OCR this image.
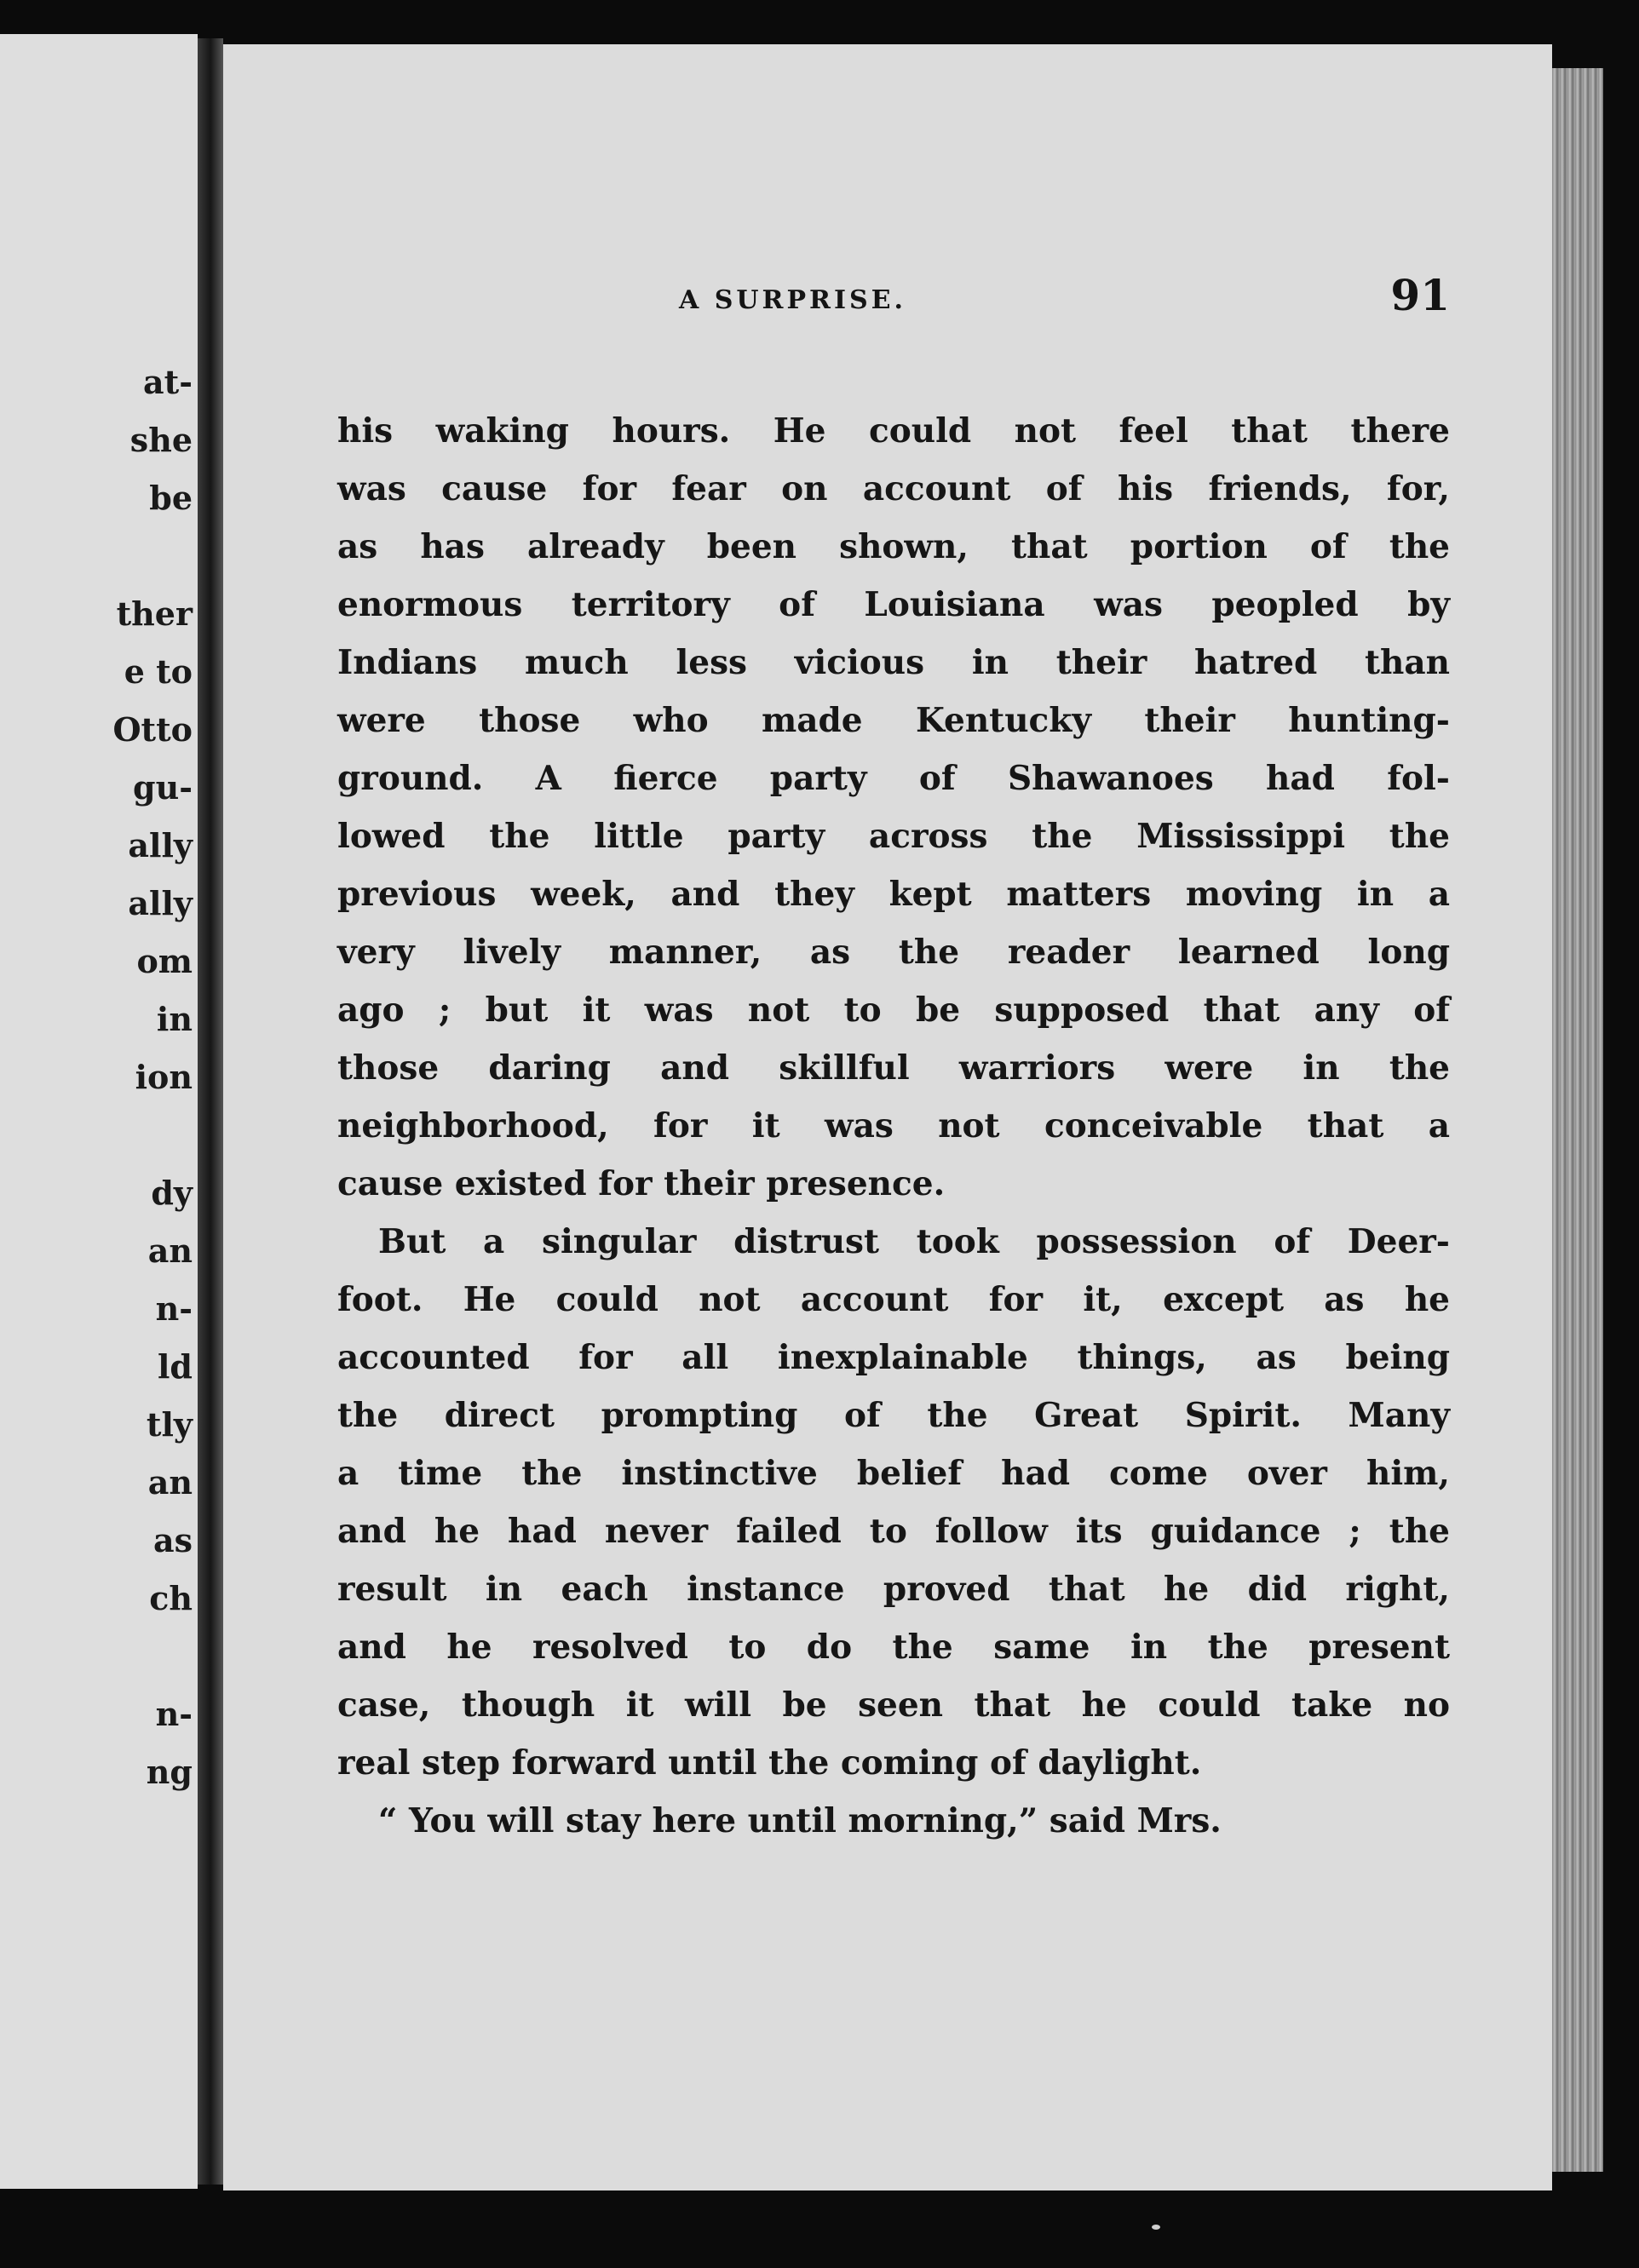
at-
she
be
ther
e to
Otto
gu-
ally
ally
om
in
ion
dy
an
n-
ld
tly
an
as
ch
n-
ng
A SURPRISE.	91
his waking hours. He could not feel that there
was cause for fear on account of his friends, for,
as has already been shown, that portion of the
enormous territory of Louisiana was peopled by
Indians much less vicious in their hatred than
were those who made Kentucky their hunting-
ground. A fierce party of Shawanoes had fol-
lowed the little party across the Mississippi the
previous week, and they kept matters moving in a
very lively manner, as the reader learned long
ago ; but it was not to be supposed that any of
those daring and skillful warriors were in the
neighborhood, for it was not conceivable that a
cause existed for their presence.
But a singular distrust took possession of Deer-
foot. He could not account for it, except as he
accounted for all inexplainable things, as being
the direct prompting of the Great Spirit. Many
a time the instinctive belief had come over him,
and he had never failed to follow its guidance ; the
result in each instance proved that he did right,
and he resolved to do the same in the present
case, though it will be seen that he could take no
real step forward until the coming of daylight.
“ You will stay here until morning,” said Mrs.
